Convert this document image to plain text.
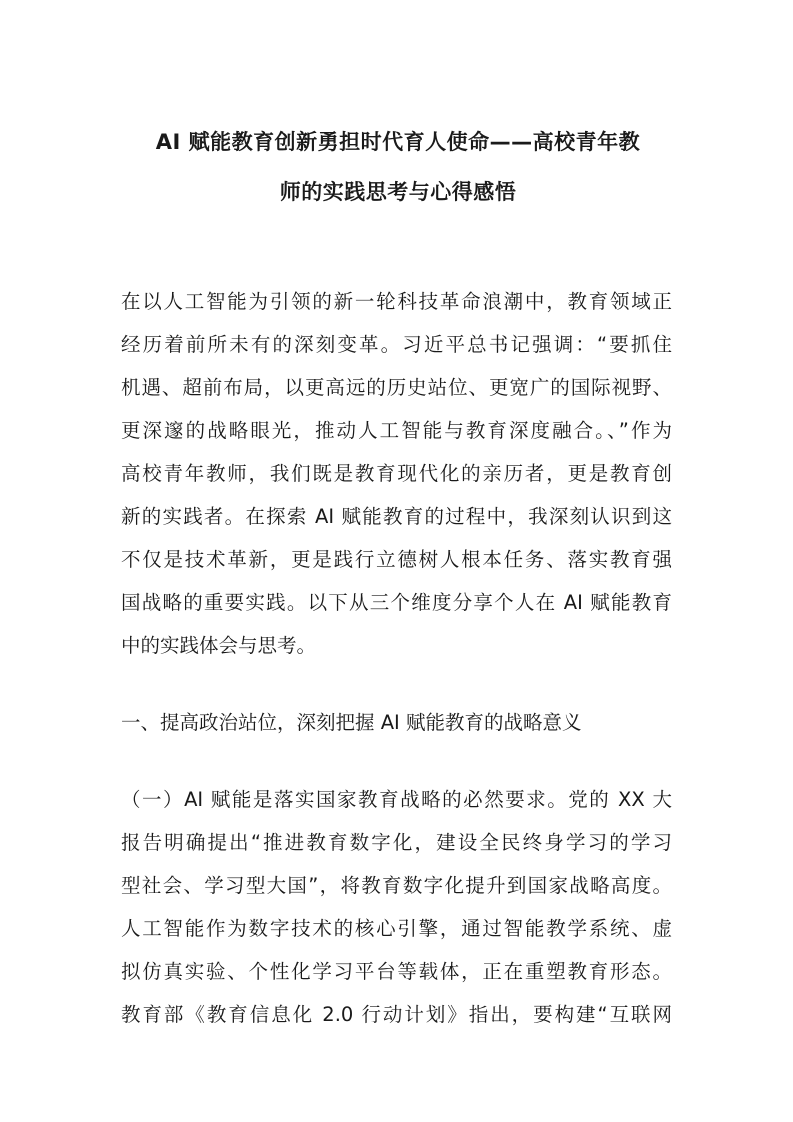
AI 赋能教育创新勇担时代育人使命——高校青年教
师的实践思考与心得感悟
在以人工智能为引领的新一轮科技革命浪潮中，教育领域正
经历着前所未有的深刻变革。习近平总书记强调：“要抓住
机遇、超前布局，以更高远的历史站位、更宽广的国际视野、
更深邃的战略眼光，推动人工智能与教育深度融合。、”作为
高校青年教师，我们既是教育现代化的亲历者，更是教育创
新的实践者。在探索 AI 赋能教育的过程中，我深刻认识到这
不仅是技术革新，更是践行立德树人根本任务、落实教育强
国战略的重要实践。以下从三个维度分享个人在 AI 赋能教育
中的实践体会与思考。
一、提高政治站位，深刻把握 AI 赋能教育的战略意义
（一）AI 赋能是落实国家教育战略的必然要求。党的 XX 大
报告明确提出“推进教育数字化，建设全民终身学习的学习
型社会、学习型大国”，将教育数字化提升到国家战略高度。
人工智能作为数字技术的核心引擎，通过智能教学系统、虚
拟仿真实验、个性化学习平台等载体，正在重塑教育形态。
教育部《教育信息化 2.0 行动计划》指出，要构建“互联网
